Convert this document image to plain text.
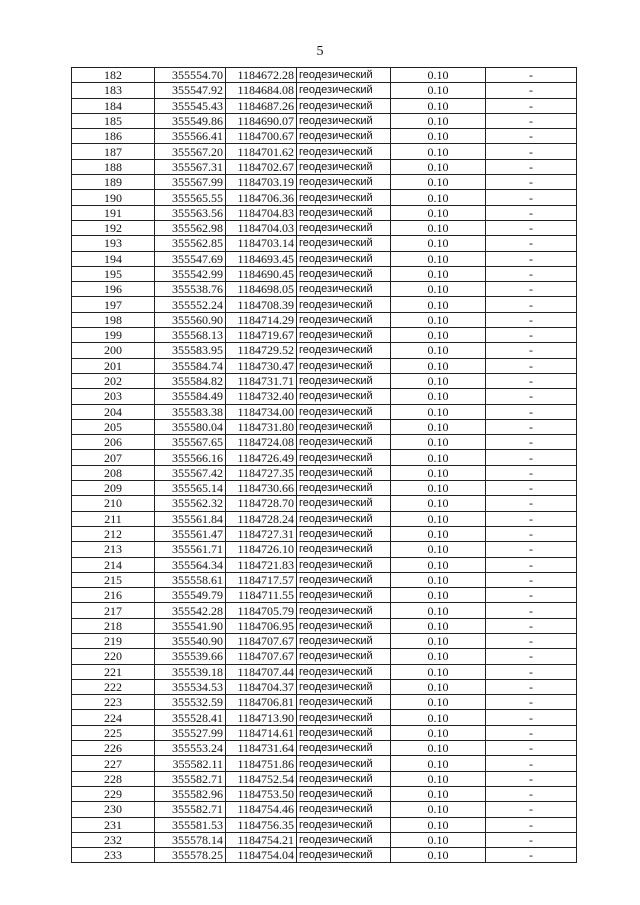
5
182	355554.70	1184672.28	геодезический	0.10	-
183	355547.92	1184684.08	геодезический	0.10	-
184	355545.43	1184687.26	геодезический	0.10	-
185	355549.86	1184690.07	геодезический	0.10	-
186	355566.41	1184700.67	геодезический	0.10	-
187	355567.20	1184701.62	геодезический	0.10	-
188	355567.31	1184702.67	геодезический	0.10	-
189	355567.99	1184703.19	геодезический	0.10	-
190	355565.55	1184706.36	геодезический	0.10	-
191	355563.56	1184704.83	геодезический	0.10	-
192	355562.98	1184704.03	геодезический	0.10	-
193	355562.85	1184703.14	геодезический	0.10	-
194	355547.69	1184693.45	геодезический	0.10	-
195	355542.99	1184690.45	геодезический	0.10	-
196	355538.76	1184698.05	геодезический	0.10	-
197	355552.24	1184708.39	геодезический	0.10	-
198	355560.90	1184714.29	геодезический	0.10	-
199	355568.13	1184719.67	геодезический	0.10	-
200	355583.95	1184729.52	геодезический	0.10	-
201	355584.74	1184730.47	геодезический	0.10	-
202	355584.82	1184731.71	геодезический	0.10	-
203	355584.49	1184732.40	геодезический	0.10	-
204	355583.38	1184734.00	геодезический	0.10	-
205	355580.04	1184731.80	геодезический	0.10	-
206	355567.65	1184724.08	геодезический	0.10	-
207	355566.16	1184726.49	геодезический	0.10	-
208	355567.42	1184727.35	геодезический	0.10	-
209	355565.14	1184730.66	геодезический	0.10	-
210	355562.32	1184728.70	геодезический	0.10	-
211	355561.84	1184728.24	геодезический	0.10	-
212	355561.47	1184727.31	геодезический	0.10	-
213	355561.71	1184726.10	геодезический	0.10	-
214	355564.34	1184721.83	геодезический	0.10	-
215	355558.61	1184717.57	геодезический	0.10	-
216	355549.79	1184711.55	геодезический	0.10	-
217	355542.28	1184705.79	геодезический	0.10	-
218	355541.90	1184706.95	геодезический	0.10	-
219	355540.90	1184707.67	геодезический	0.10	-
220	355539.66	1184707.67	геодезический	0.10	-
221	355539.18	1184707.44	геодезический	0.10	-
222	355534.53	1184704.37	геодезический	0.10	-
223	355532.59	1184706.81	геодезический	0.10	-
224	355528.41	1184713.90	геодезический	0.10	-
225	355527.99	1184714.61	геодезический	0.10	-
226	355553.24	1184731.64	геодезический	0.10	-
227	355582.11	1184751.86	геодезический	0.10	-
228	355582.71	1184752.54	геодезический	0.10	-
229	355582.96	1184753.50	геодезический	0.10	-
230	355582.71	1184754.46	геодезический	0.10	-
231	355581.53	1184756.35	геодезический	0.10	-
232	355578.14	1184754.21	геодезический	0.10	-
233	355578.25	1184754.04	геодезический	0.10	-
